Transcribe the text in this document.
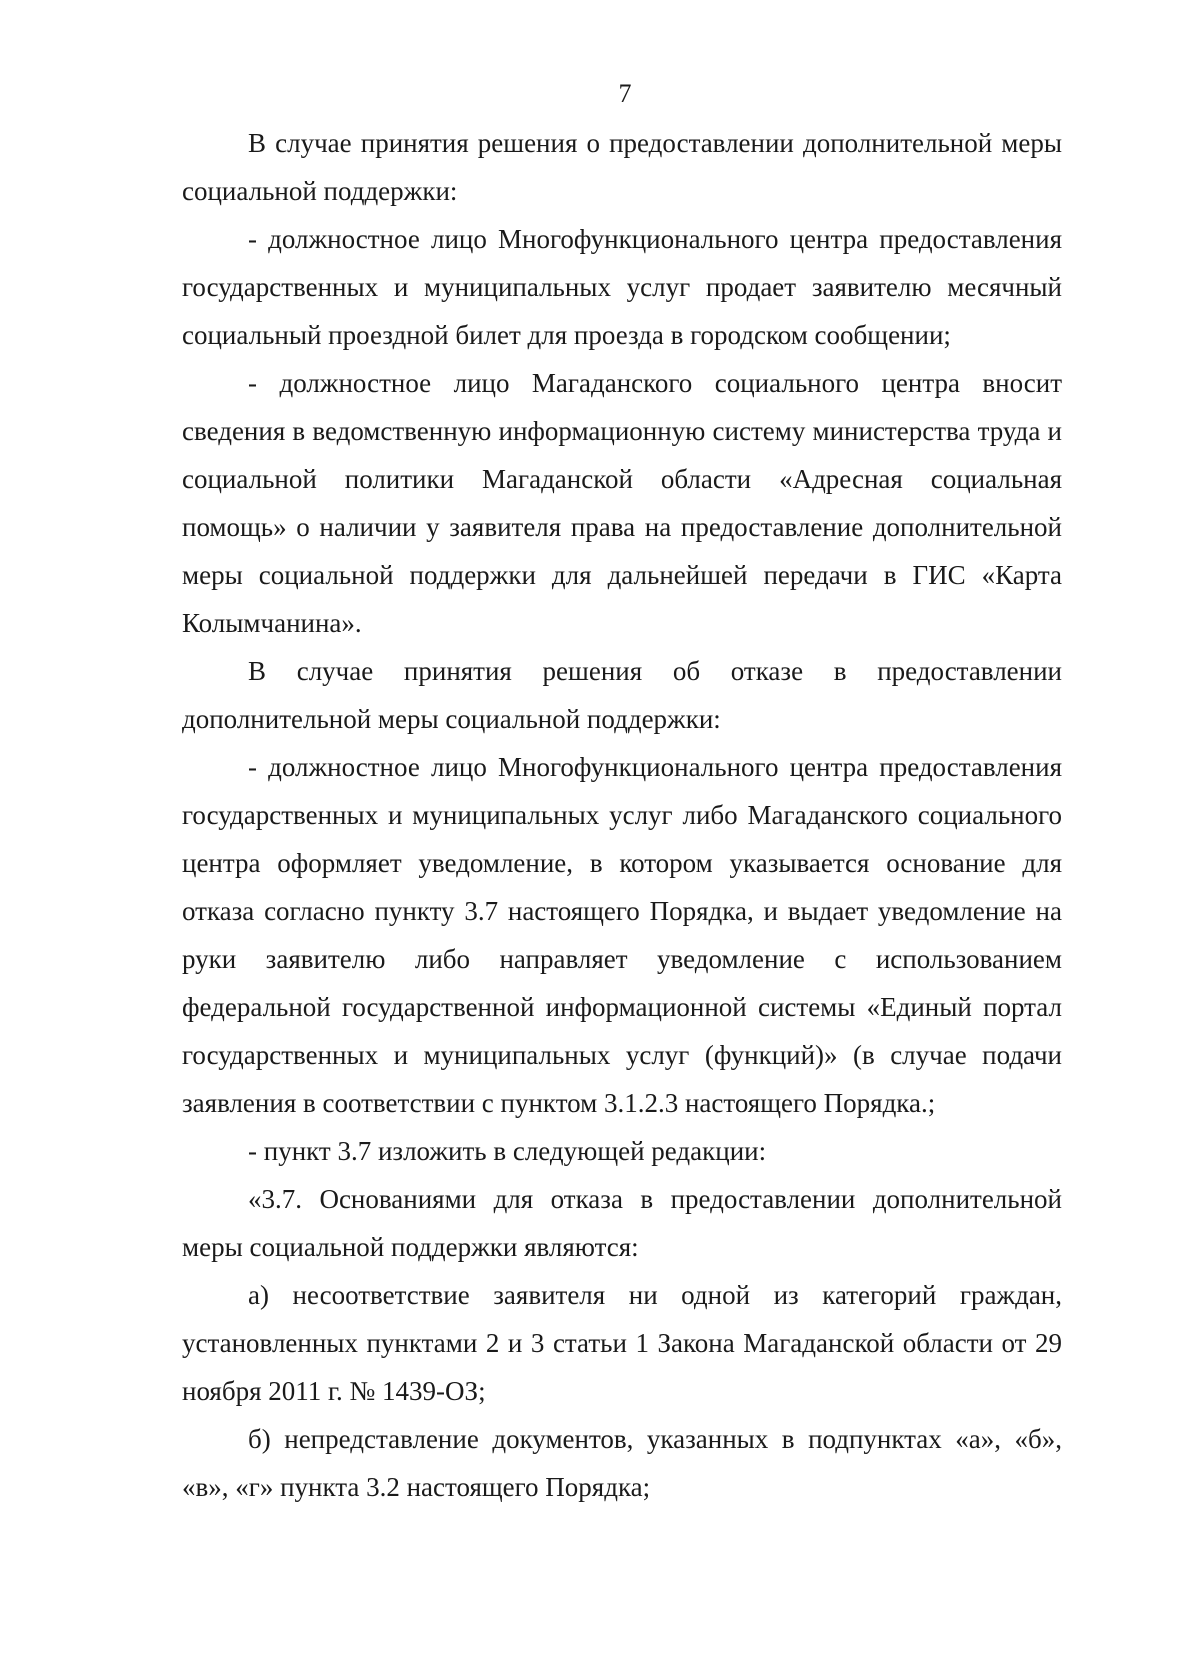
7

В случае принятия решения о предоставлении дополнительной меры социальной поддержки:

- должностное лицо Многофункционального центра предоставления государственных и муниципальных услуг продает заявителю месячный социальный проездной билет для проезда в городском сообщении;

- должностное лицо Магаданского социального центра вносит сведения в ведомственную информационную систему министерства труда и социальной политики Магаданской области «Адресная социальная помощь» о наличии у заявителя права на предоставление дополнительной меры социальной поддержки для дальнейшей передачи в ГИС «Карта Колымчанина».

В случае принятия решения об отказе в предоставлении дополнительной меры социальной поддержки:

- должностное лицо Многофункционального центра предоставления государственных и муниципальных услуг либо Магаданского социального центра оформляет уведомление, в котором указывается основание для отказа согласно пункту 3.7 настоящего Порядка, и выдает уведомление на руки заявителю либо направляет уведомление с использованием федеральной государственной информационной системы «Единый портал государственных и муниципальных услуг (функций)» (в случае подачи заявления в соответствии с пунктом 3.1.2.3 настоящего Порядка.;

- пункт 3.7 изложить в следующей редакции:

«3.7. Основаниями для отказа в предоставлении дополнительной меры социальной поддержки являются:

а) несоответствие заявителя ни одной из категорий граждан, установленных пунктами 2 и 3 статьи 1 Закона Магаданской области от 29 ноября 2011 г. № 1439-ОЗ;

б) непредставление документов, указанных в подпунктах «а», «б», «в», «г» пункта 3.2 настоящего Порядка;
